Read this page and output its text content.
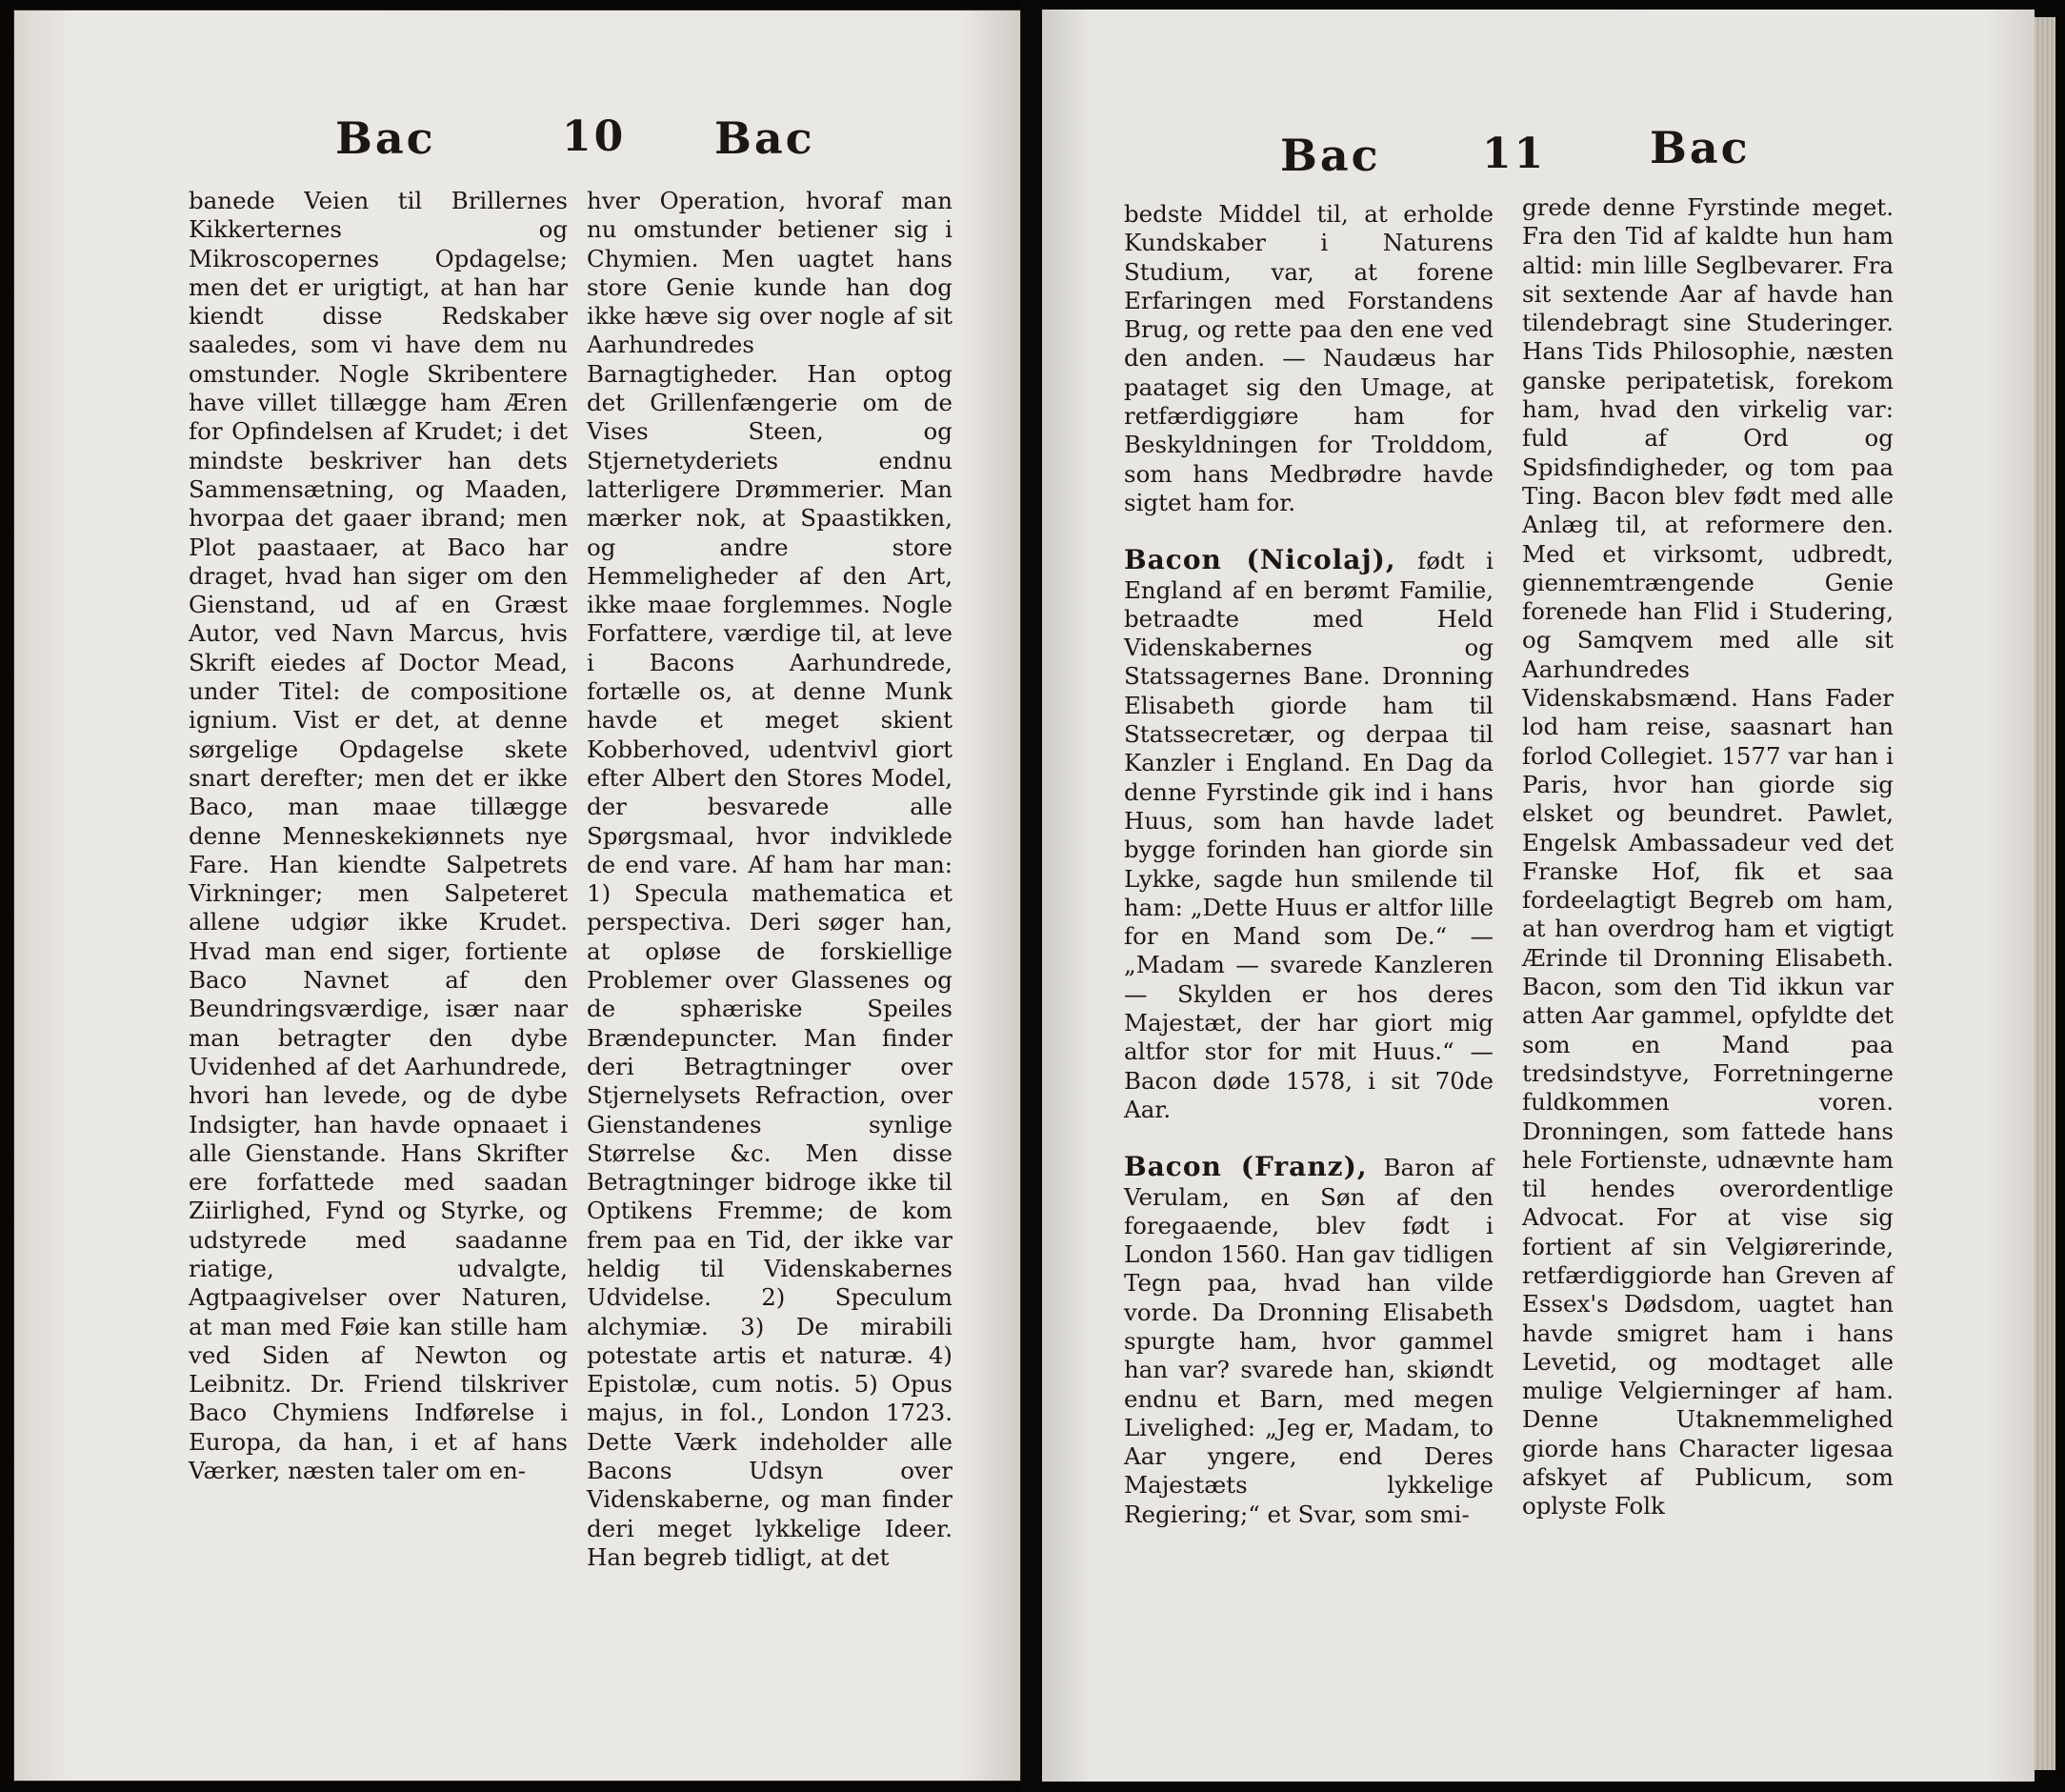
Bac	10 Bac

banede Veien til Brillernes Kikkerternes og Mikroscopernes Opdagelse; men det er urigtigt, at han har kiendt disse Redskaber saaledes, som vi have dem nu omstunder. Nogle Skribentere have villet tillægge ham Æren for Opfindelsen af Krudet; i det mindste beskriver han dets Sammensætning, og Maaden, hvorpaa det gaaer ibrand; men Plot paastaaer, at Baco har draget, hvad han siger om den Gienstand, ud af en Græst Autor, ved Navn Marcus, hvis Skrift eiedes af Doctor Mead, under Titel: de compositione ignium. Vist er det, at denne sørgelige Opdagelse skete snart derefter; men det er ikke Baco, man maae tillægge denne Menneskekiønnets nye Fare. Han kiendte Salpetrets Virkninger; men Salpeteret allene udgiør ikke Krudet. Hvad man end siger, fortiente Baco Navnet af den Beundringsværdige, især naar man betragter den dybe Uvidenhed af det Aarhundrede, hvori han levede, og de dybe Indsigter, han havde opnaaet i alle Gienstande. Hans Skrifter ere forfattede med saadan Ziirlighed, Fynd og Styrke, og udstyrede med saadanne riatige, udvalgte, Agtpaagivelser over Naturen, at man med Føie kan stille ham ved Siden af Newton og Leibnitz. Dr. Friend tilskriver Baco Chymiens Indførelse i Europa, da han, i et af hans Værker, næsten taler om en-

hver Operation, hvoraf man nu omstunder betiener sig i Chymien. Men uagtet hans store Genie kunde han dog ikke hæve sig over nogle af sit Aarhundredes Barnagtigheder. Han optog det Grillenfængerie om de Vises Steen, og Stjernetyderiets endnu latterligere Drømmerier. Man mærker nok, at Spaastikken, og andre store Hemmeligheder af den Art, ikke maae forglemmes. Nogle Forfattere, værdige til, at leve i Bacons Aarhundrede, fortælle os, at denne Munk havde et meget skient Kobberhoved, udentvivl giort efter Albert den Stores Model, der besvarede alle Spørgsmaal, hvor indviklede de end vare. Af ham har man: 1) Specula mathematica et perspectiva. Deri søger han, at opløse de forskiellige Problemer over Glassenes og de sphæriske Speiles Brændepuncter. Man finder deri Betragtninger over Stjernelysets Refraction, over Gienstandenes synlige Størrelse &c. Men disse Betragtninger bidroge ikke til Optikens Fremme; de kom frem paa en Tid, der ikke var heldig til Videnskabernes Udvidelse. 2) Speculum alchymiæ. 3) De mirabili potestate artis et naturæ. 4) Epistolæ, cum notis. 5) Opus majus, in fol., London 1723. Dette Værk indeholder alle Bacons Udsyn over Videnskaberne, og man finder deri meget lykkelige Ideer. Han begreb tidligt, at det

Bac 11 Bac

bedste Middel til, at erholde Kundskaber i Naturens Studium, var, at forene Erfaringen med Forstandens Brug, og rette paa den ene ved den anden. — Naudæus har paataget sig den Umage, at retfærdiggiøre ham for Beskyldningen for Trolddom, som hans Medbrødre havde sigtet ham for.

Bacon (Nicolaj), født i England af en berømt Familie, betraadte med Held Videnskabernes og Statssagernes Bane. Dronning Elisabeth giorde ham til Statssecretær, og derpaa til Kanzler i England. En Dag da denne Fyrstinde gik ind i hans Huus, som han havde ladet bygge forinden han giorde sin Lykke, sagde hun smilende til ham: „Dette Huus er altfor lille for en Mand som De.“ — „Madam — svarede Kanzleren — Skylden er hos deres Majestæt, der har giort mig altfor stor for mit Huus.“ — Bacon døde 1578, i sit 70de Aar.

Bacon (Franz), Baron af Verulam, en Søn af den foregaaende, blev født i London 1560. Han gav tidligen Tegn paa, hvad han vilde vorde. Da Dronning Elisabeth spurgte ham, hvor gammel han var? svarede han, skiøndt endnu et Barn, med megen Livelighed: „Jeg er, Madam, to Aar yngere, end Deres Majestæts lykkelige Regiering;“ et Svar, som smi-

grede denne Fyrstinde meget. Fra den Tid af kaldte hun ham altid: min lille Seglbevarer. Fra sit sextende Aar af havde han tilendebragt sine Studeringer. Hans Tids Philosophie, næsten ganske peripatetisk, forekom ham, hvad den virkelig var: fuld af Ord og Spidsfindigheder, og tom paa Ting. Bacon blev født med alle Anlæg til, at reformere den. Med et virksomt, udbredt, giennemtrængende Genie forenede han Flid i Studering, og Samqvem med alle sit Aarhundredes Videnskabsmænd. Hans Fader lod ham reise, saasnart han forlod Collegiet. 1577 var han i Paris, hvor han giorde sig elsket og beundret. Pawlet, Engelsk Ambassadeur ved det Franske Hof, fik et saa fordeelagtigt Begreb om ham, at han overdrog ham et vigtigt Ærinde til Dronning Elisabeth. Bacon, som den Tid ikkun var atten Aar gammel, opfyldte det som en Mand paa tredsindstyve, Forretningerne fuldkommen voren. Dronningen, som fattede hans hele Fortienste, udnævnte ham til hendes overordentlige Advocat. For at vise sig fortient af sin Velgiørerinde, retfærdiggiorde han Greven af Essex's Dødsdom, uagtet han havde smigret ham i hans Levetid, og modtaget alle mulige Velgierninger af ham. Denne Utaknemmelighed giorde hans Character ligesaa afskyet af Publicum, som oplyste Folk
